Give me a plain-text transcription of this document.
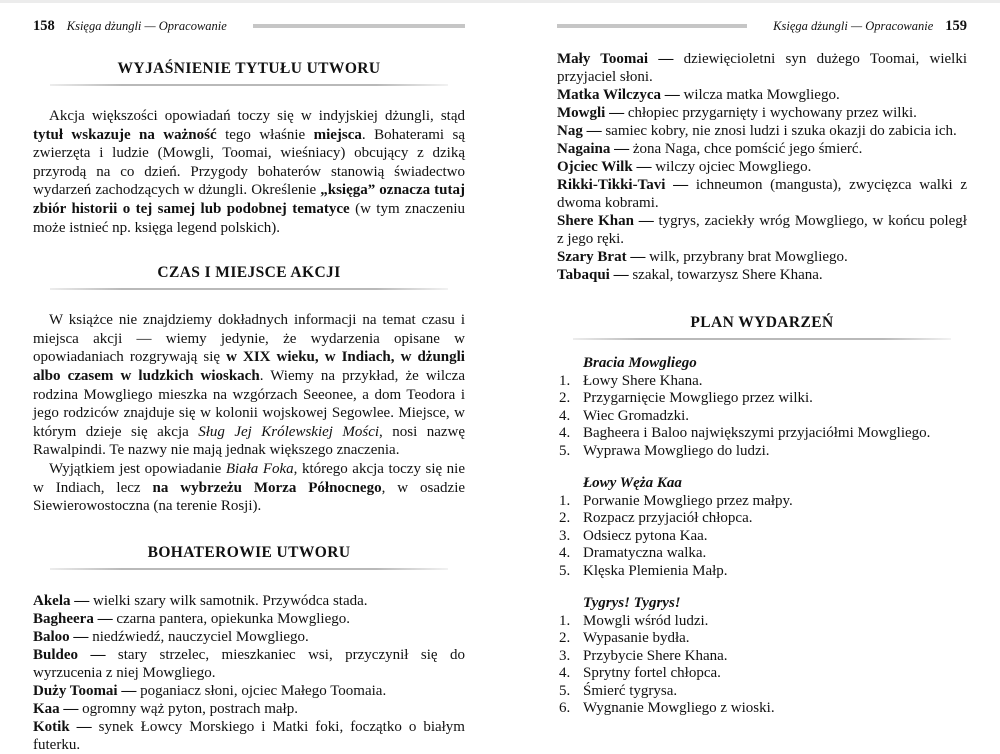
158 Księga dżungli — Opracowanie
WYJAŚNIENIE TYTUŁU UTWORU

Akcja większości opowiadań toczy się w indyjskiej dżungli, stąd tytuł wskazuje na ważność tego właśnie miejsca. Bohaterami są zwierzęta i ludzie (Mowgli, Toomai, wieśniacy) obcujący z dziką przyrodą na co dzień. Przygody bohaterów stanowią świadectwo wydarzeń zachodzących w dżungli. Określenie „księga” oznacza tutaj zbiór historii o tej samej lub podobnej tematyce (w tym znaczeniu może istnieć np. księga legend polskich).

CZAS I MIEJSCE AKCJI

W książce nie znajdziemy dokładnych informacji na temat czasu i miejsca akcji — wiemy jedynie, że wydarzenia opisane w opowiadaniach rozgrywają się w XIX wieku, w Indiach, w dżungli albo czasem w ludzkich wioskach. Wiemy na przykład, że wilcza rodzina Mowgliego mieszka na wzgórzach Seeonee, a dom Teodora i jego rodziców znajduje się w kolonii wojskowej Segowlee. Miejsce, w którym dzieje się akcja Sług Jej Królewskiej Mości, nosi nazwę Rawalpindi. Te nazwy nie mają jednak większego znaczenia.

Wyjątkiem jest opowiadanie Biała Foka, którego akcja toczy się nie w Indiach, lecz na wybrzeżu Morza Północnego, w osadzie Siewierowostoczna (na terenie Rosji).

BOHATEROWIE UTWORU
Akela — wielki szary wilk samotnik. Przywódca stada.
Bagheera — czarna pantera, opiekunka Mowgliego.
Baloo — niedźwiedź, nauczyciel Mowgliego.
Buldeo — stary strzelec, mieszkaniec wsi, przyczynił się do wyrzucenia z niej Mowgliego.
Duży Toomai — poganiacz słoni, ojciec Małego Toomaia.
Kaa — ogromny wąż pyton, postrach małp.
Kotik — synek Łowcy Morskiego i Matki foki, foczątko o białym futerku.
Księga dżungli — Opracowanie 159
Mały Toomai — dziewięcioletni syn dużego Toomai, wielki przyjaciel słoni.
Matka Wilczyca — wilcza matka Mowgliego.
Mowgli — chłopiec przygarnięty i wychowany przez wilki.
Nag — samiec kobry, nie znosi ludzi i szuka okazji do zabicia ich.
Nagaina — żona Naga, chce pomścić jego śmierć.
Ojciec Wilk — wilczy ojciec Mowgliego.
Rikki-Tikki-Tavi — ichneumon (mangusta), zwycięzca walki z dwoma kobrami.
Shere Khan — tygrys, zaciekły wróg Mowgliego, w końcu poległ z jego ręki.
Szary Brat — wilk, przybrany brat Mowgliego.
Tabaqui — szakal, towarzysz Shere Khana.
PLAN WYDARZEŃ
Bracia Mowgliego
1. Łowy Shere Khana.
2. Przygarnięcie Mowgliego przez wilki.
4. Wiec Gromadzki.
4. Bagheera i Baloo największymi przyjaciółmi Mowgliego.
5. Wyprawa Mowgliego do ludzi.
Łowy Węża Kaa
1. Porwanie Mowgliego przez małpy.
2. Rozpacz przyjaciół chłopca.
3. Odsiecz pytona Kaa.
4. Dramatyczna walka.
5. Klęska Plemienia Małp.
Tygrys! Tygrys!
1. Mowgli wśród ludzi.
2. Wypasanie bydła.
3. Przybycie Shere Khana.
4. Sprytny fortel chłopca.
5. Śmierć tygrysa.
6. Wygnanie Mowgliego z wioski.
